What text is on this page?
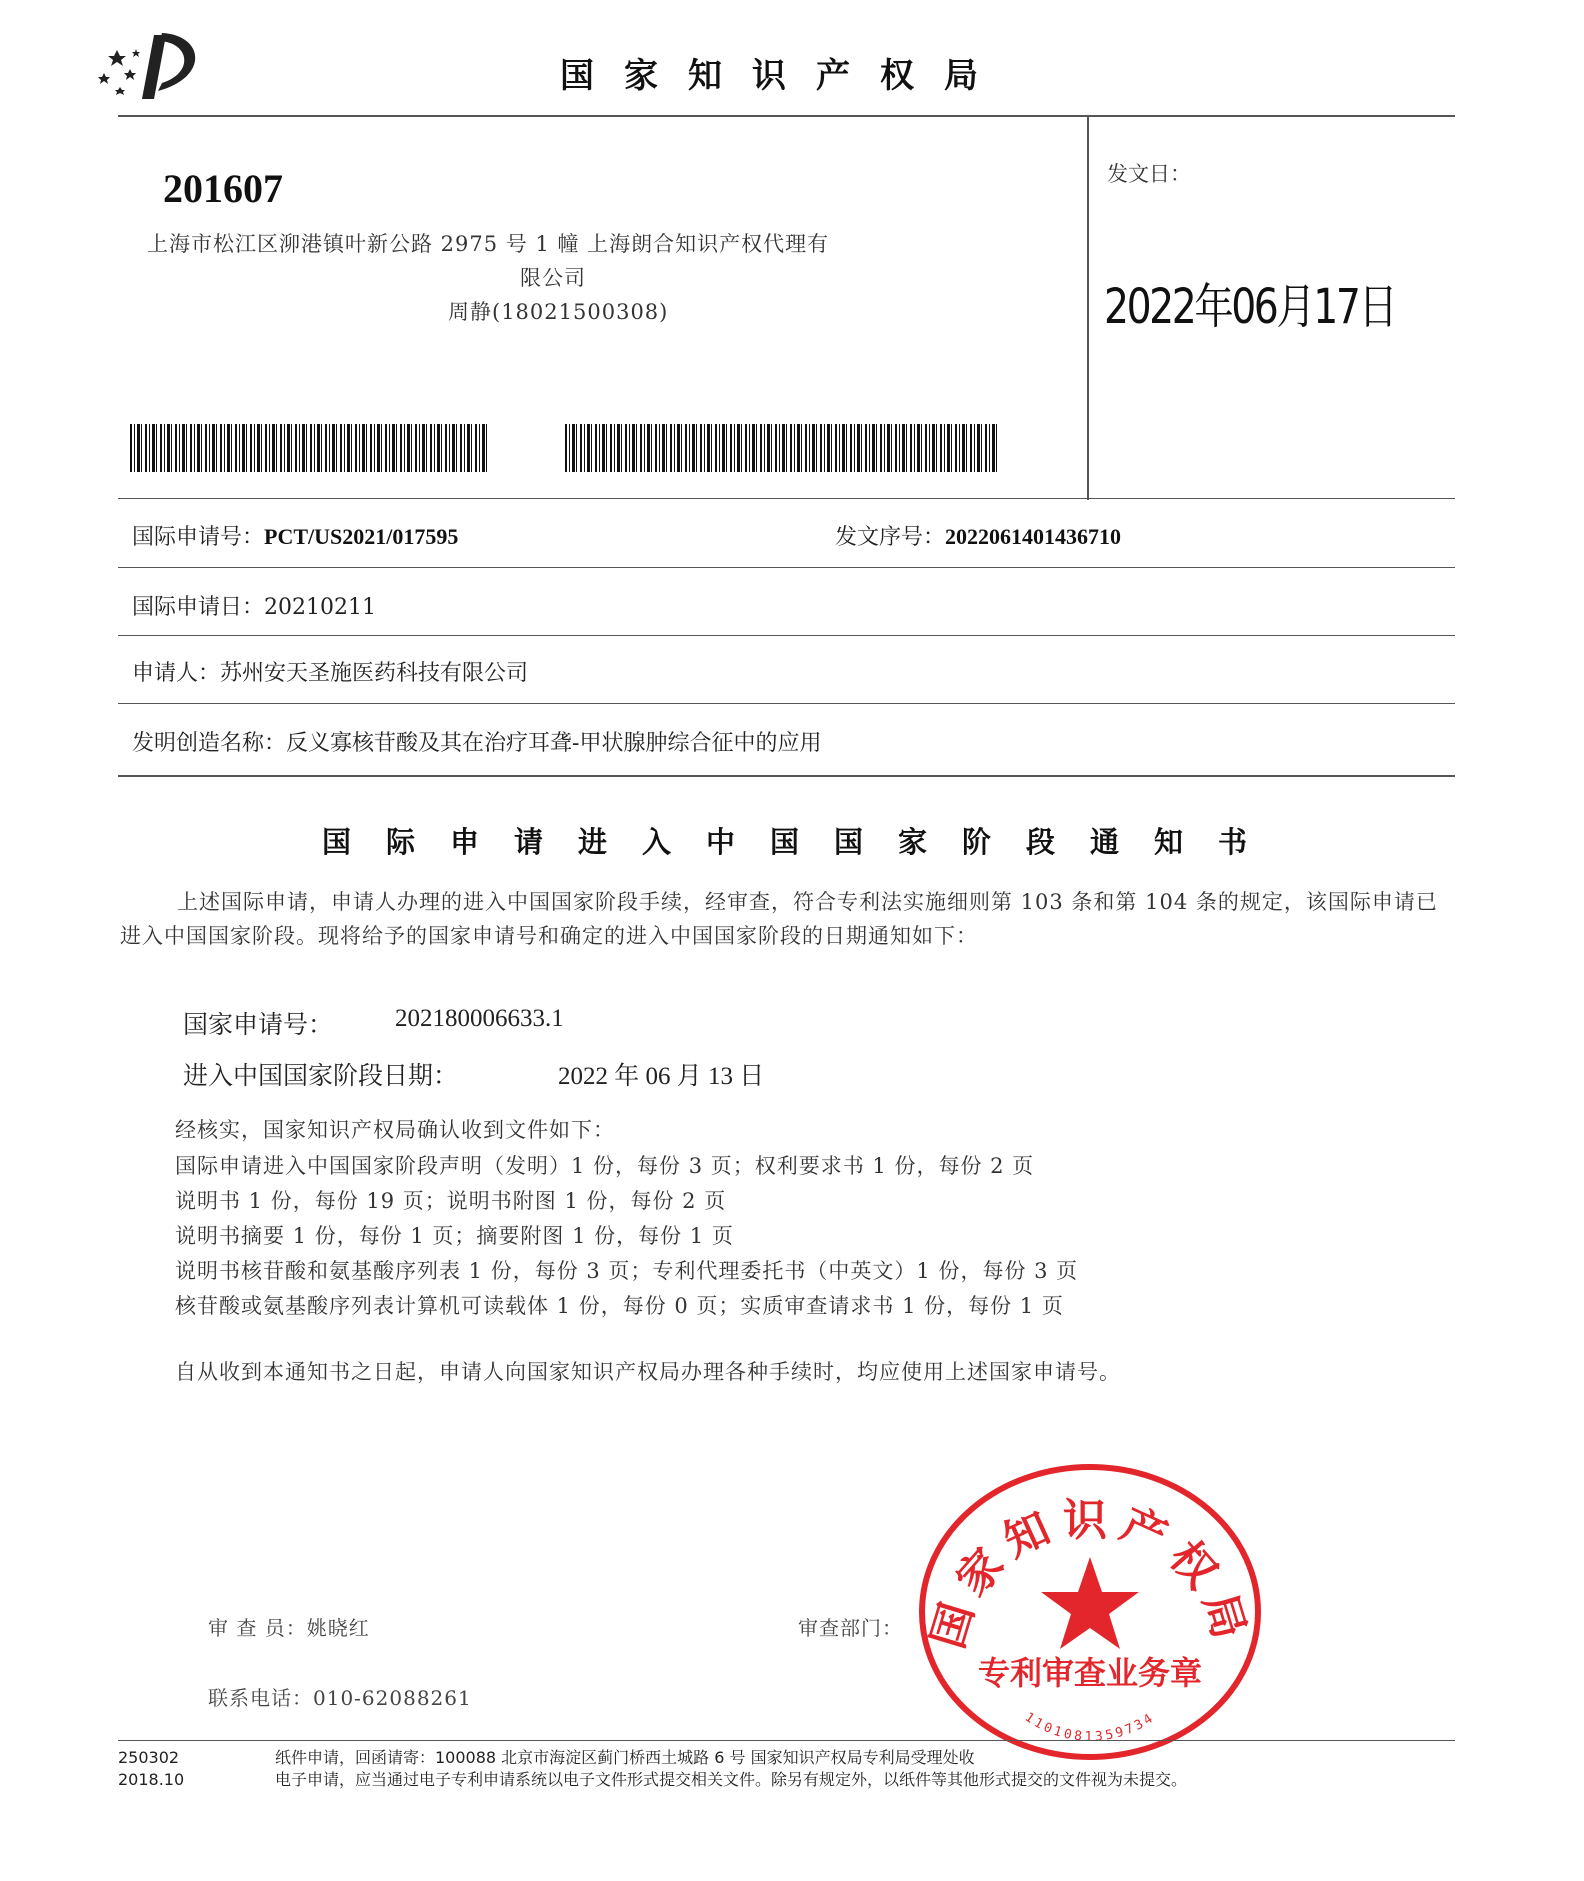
国家知识产权局
201607
上海市松江区泖港镇叶新公路 2975 号 1 幢 上海朗合知识产权代理有
限公司
周静(18021500308)
发文日：
2022年06月17日
国际申请号：PCT/US2021/017595	发文序号：2022061401436710
国际申请日：20210211
申请人：苏州安天圣施医药科技有限公司
发明创造名称：反义寡核苷酸及其在治疗耳聋-甲状腺肿综合征中的应用
国际申请进入中国国家阶段通知书
上述国际申请，申请人办理的进入中国国家阶段手续，经审查，符合专利法实施细则第 103 条和第 104 条的规定，该国际申请已进入中国国家阶段。现将给予的国家申请号和确定的进入中国国家阶段的日期通知如下：
国家申请号： 202180006633.1
进入中国国家阶段日期：	2022 年 06 月 13 日
经核实，国家知识产权局确认收到文件如下：
国际申请进入中国国家阶段声明（发明）1 份，每份 3 页；权利要求书 1 份，每份 2 页
说明书 1 份，每份 19 页；说明书附图 1 份，每份 2 页
说明书摘要 1 份，每份 1 页；摘要附图 1 份，每份 1 页
说明书核苷酸和氨基酸序列表 1 份，每份 3 页；专利代理委托书（中英文）1 份，每份 3 页
核苷酸或氨基酸序列表计算机可读载体 1 份，每份 0 页；实质审查请求书 1 份，每份 1 页
自从收到本通知书之日起，申请人向国家知识产权局办理各种手续时，均应使用上述国家申请号。
审 查 员：姚晓红	审查部门：
联系电话：010-62088261
国家知识产权局
专利审查业务章
1101081359734
250302
2018.10
纸件申请，回函请寄：100088 北京市海淀区蓟门桥西土城路 6 号 国家知识产权局专利局受理处收
电子申请，应当通过电子专利申请系统以电子文件形式提交相关文件。除另有规定外，以纸件等其他形式提交的文件视为未提交。
